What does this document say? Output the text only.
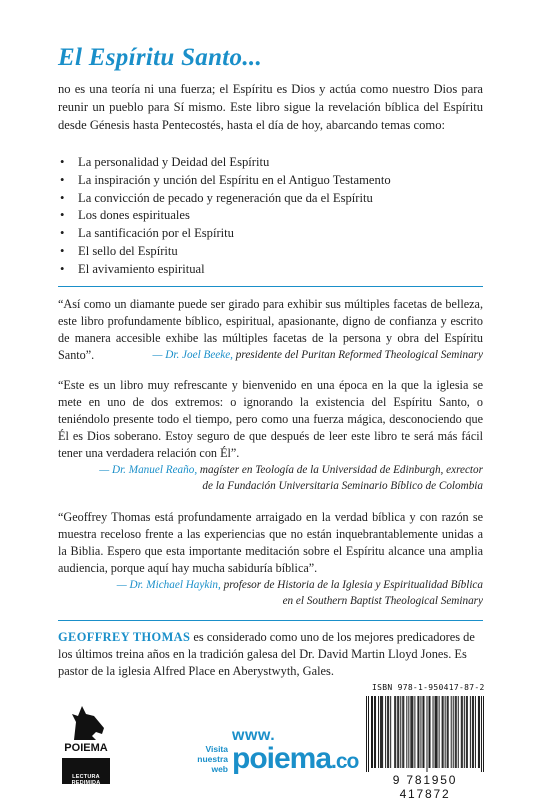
El Espíritu Santo...
no es una teoría ni una fuerza; el Espíritu es Dios y actúa como nuestro Dios para reunir un pueblo para Sí mismo. Este libro sigue la revelación bíblica del Espíritu desde Génesis hasta Pentecostés, hasta el día de hoy, abarcando temas como:
• La personalidad y Deidad del Espíritu
• La inspiración y unción del Espíritu en el Antiguo Testamento
• La convicción de pecado y regeneración que da el Espíritu
• Los dones espirituales
• La santificación por el Espíritu
• El sello del Espíritu
• El avivamiento espiritual
“Así como un diamante puede ser girado para exhibir sus múltiples facetas de belleza, este libro profundamente bíblico, espiritual, apasionante, digno de confianza y escrito de manera accesible exhibe las múltiples facetas de la persona y obra del Espíritu Santo”.	— Dr. Joel Beeke, presidente del Puritan Reformed Theological Seminary
“Este es un libro muy refrescante y bienvenido en una época en la que la iglesia se mete en uno de dos extremos: o ignorando la existencia del Espíritu Santo, o teniéndolo presente todo el tiempo, pero como una fuerza mágica, desconociendo que Él es Dios soberano. Estoy seguro de que después de leer este libro te será más fácil tener una verdadera relación con Él”.
— Dr. Manuel Reaño, magíster en Teología de la Universidad de Edinburgh, exrector
de la Fundación Universitaria Seminario Bíblico de Colombia
“Geoffrey Thomas está profundamente arraigado en la verdad bíblica y con razón se muestra receloso frente a las experiencias que no están inquebrantablemente unidas a la Biblia. Espero que esta importante meditación sobre el Espíritu alcance una amplia audiencia, porque aquí hay mucha sabiduría bíblica”.
— Dr. Michael Haykin, profesor de Historia de la Iglesia y Espiritualidad Bíblica
en el Southern Baptist Theological Seminary
GEOFFREY THOMAS es considerado como uno de los mejores predicadores de los últimos treina años en la tradición galesa del Dr. David Martin Lloyd Jones. Es pastor de la iglesia Alfred Place en Aberystwyth, Gales.
POIEMA
LECTURA REDIMIDA
Visita
nuestra web
www.
poiema.co
ISBN 978-1-950417-87-2
9 781950 417872
